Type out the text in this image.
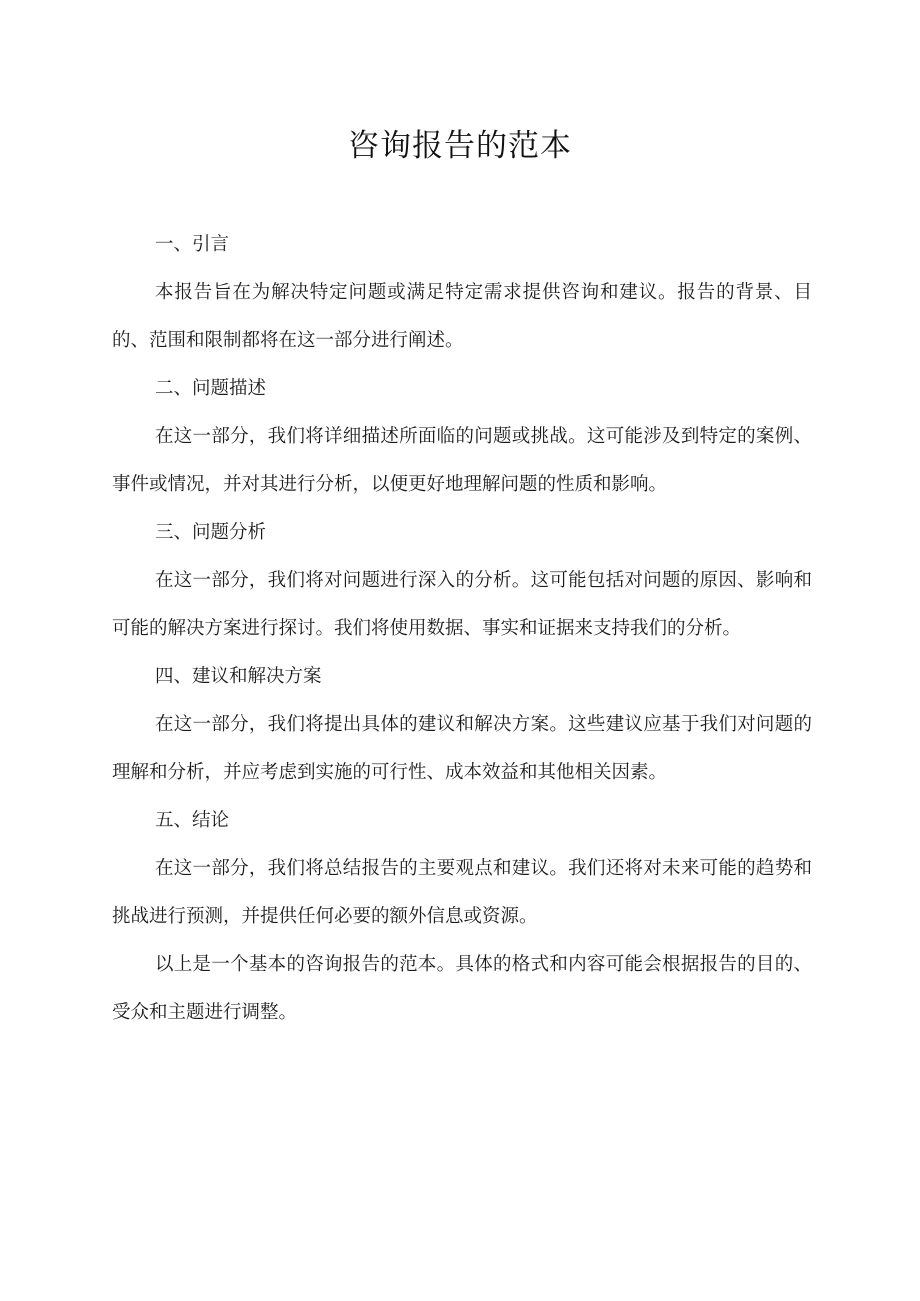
咨询报告的范本

一、引言

本报告旨在为解决特定问题或满足特定需求提供咨询和建议。报告的背景、目的、范围和限制都将在这一部分进行阐述。

二、问题描述

在这一部分，我们将详细描述所面临的问题或挑战。这可能涉及到特定的案例、事件或情况，并对其进行分析，以便更好地理解问题的性质和影响。

三、问题分析

在这一部分，我们将对问题进行深入的分析。这可能包括对问题的原因、影响和可能的解决方案进行探讨。我们将使用数据、事实和证据来支持我们的分析。

四、建议和解决方案

在这一部分，我们将提出具体的建议和解决方案。这些建议应基于我们对问题的理解和分析，并应考虑到实施的可行性、成本效益和其他相关因素。

五、结论

在这一部分，我们将总结报告的主要观点和建议。我们还将对未来可能的趋势和挑战进行预测，并提供任何必要的额外信息或资源。

以上是一个基本的咨询报告的范本。具体的格式和内容可能会根据报告的目的、受众和主题进行调整。
